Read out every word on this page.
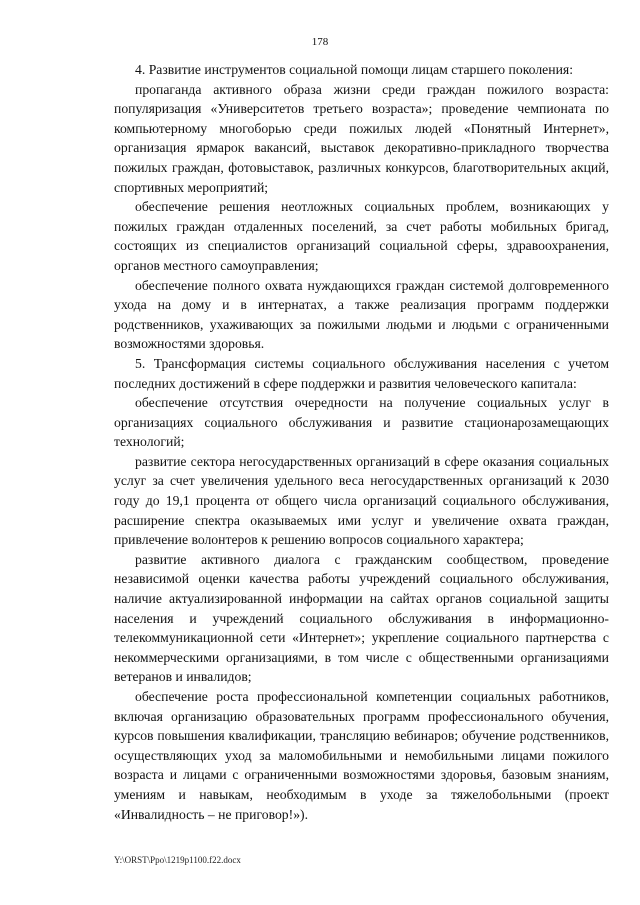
178

4. Развитие инструментов социальной помощи лицам старшего поколения:

пропаганда активного образа жизни среди граждан пожилого возраста: популяризация «Университетов третьего возраста»; проведение чемпионата по компьютерному многоборью среди пожилых людей «Понятный Интернет», организация ярмарок вакансий, выставок декоративно-прикладного творчества пожилых граждан, фотовыставок, различных конкурсов, благотворительных акций, спортивных мероприятий;

обеспечение решения неотложных социальных проблем, возникающих у пожилых граждан отдаленных поселений, за счет работы мобильных бригад, состоящих из специалистов организаций социальной сферы, здравоохранения, органов местного самоуправления;

обеспечение полного охвата нуждающихся граждан системой долговременного ухода на дому и в интернатах, а также реализация программ поддержки родственников, ухаживающих за пожилыми людьми и людьми с ограниченными возможностями здоровья.

5. Трансформация системы социального обслуживания населения с учетом последних достижений в сфере поддержки и развития человеческого капитала:

обеспечение отсутствия очередности на получение социальных услуг в организациях социального обслуживания и развитие стационарозамещающих технологий;

развитие сектора негосударственных организаций в сфере оказания социальных услуг за счет увеличения удельного веса негосударственных организаций к 2030 году до 19,1 процента от общего числа организаций социального обслуживания, расширение спектра оказываемых ими услуг и увеличение охвата граждан, привлечение волонтеров к решению вопросов социального характера;

развитие активного диалога с гражданским сообществом, проведение независимой оценки качества работы учреждений социального обслуживания, наличие актуализированной информации на сайтах органов социальной защиты населения и учреждений социального обслуживания в информационно-телекоммуникационной сети «Интернет»; укрепление социального партнерства с некоммерческими организациями, в том числе с общественными организациями ветеранов и инвалидов;

обеспечение роста профессиональной компетенции социальных работников, включая организацию образовательных программ профессионального обучения, курсов повышения квалификации, трансляцию вебинаров; обучение родственников, осуществляющих уход за маломобильными и немобильными лицами пожилого возраста и лицами с ограниченными возможностями здоровья, базовым знаниям, умениям и навыкам, необходимым в уходе за тяжелобольными (проект «Инвалидность – не приговор!»).

Y:\ORST\Ppo\1219p1100.f22.docx
